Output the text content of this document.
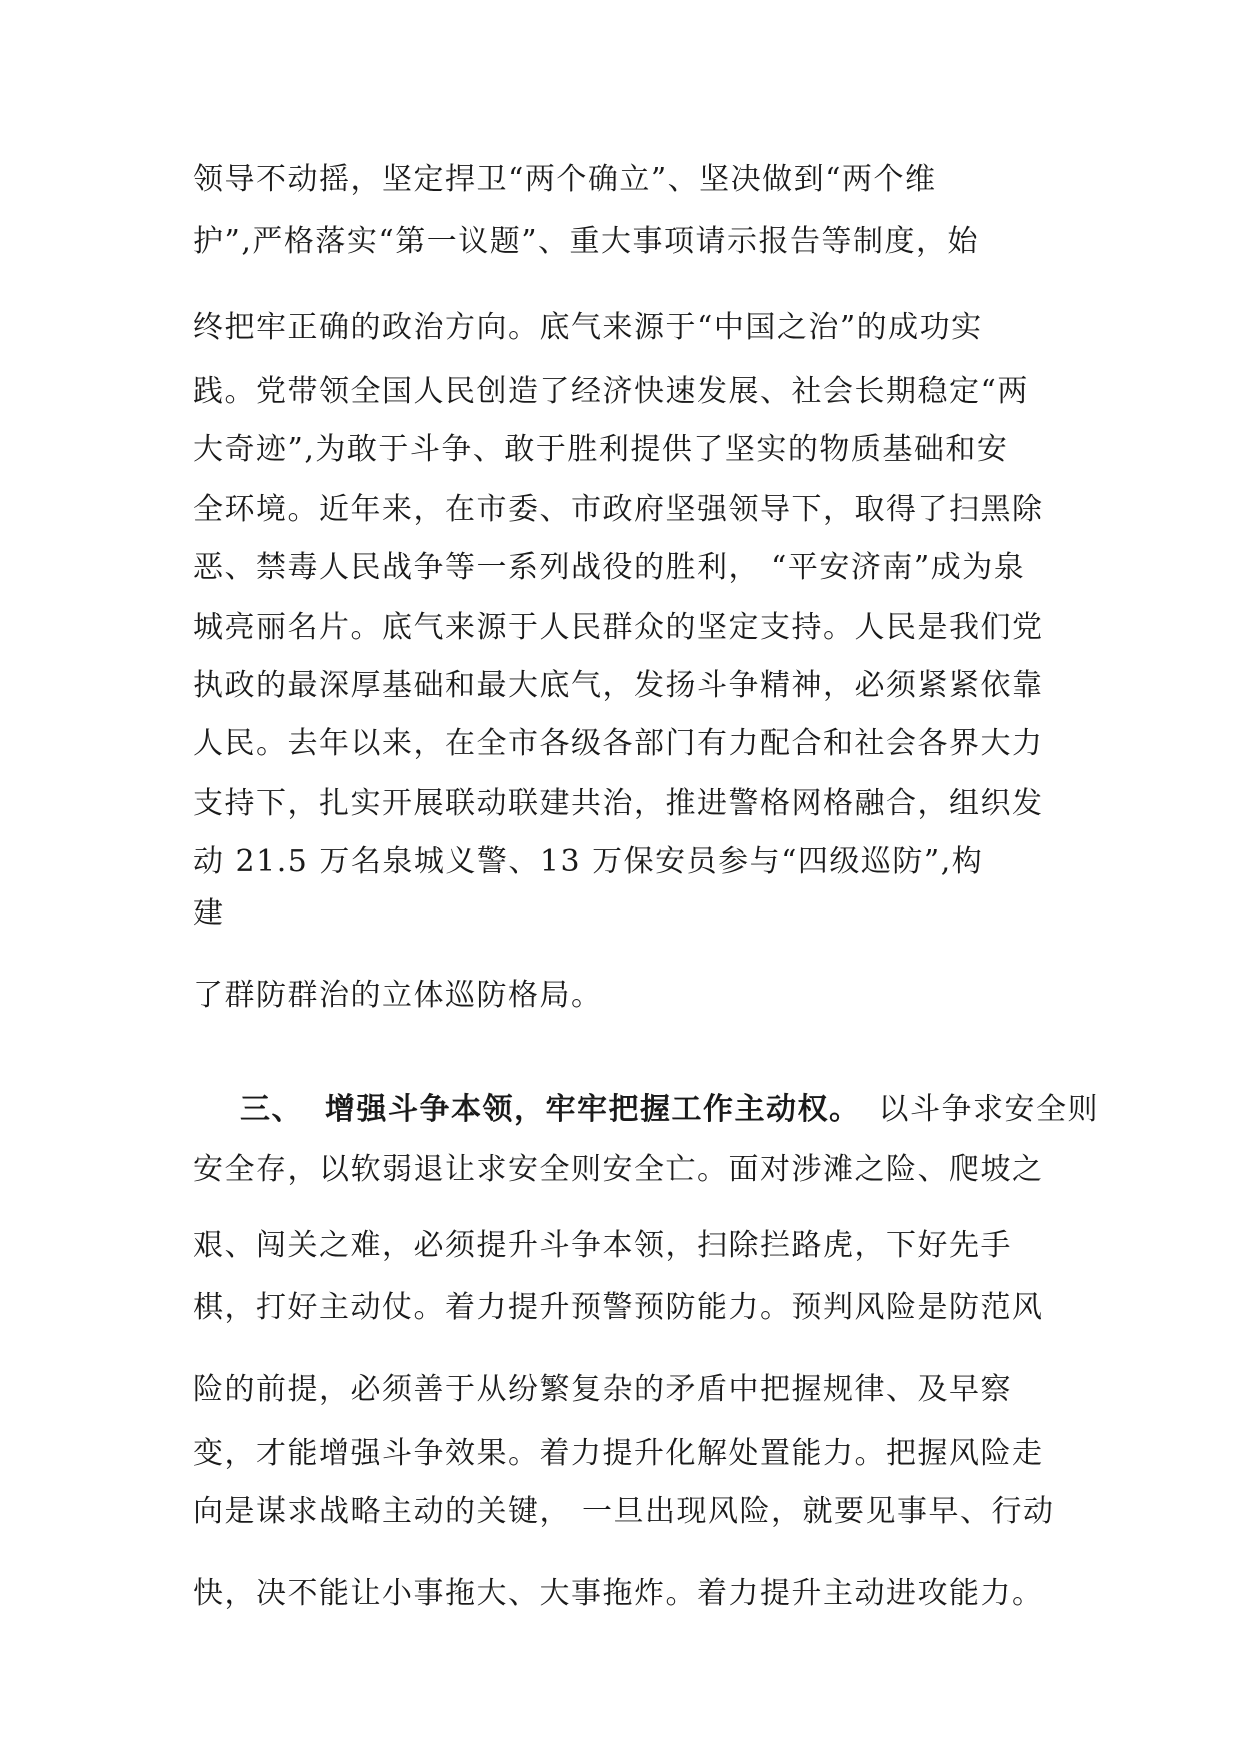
领导不动摇，坚定捍卫“两个确立”、坚决做到“两个维
护”,严格落实“第一议题”、重大事项请示报告等制度，始
终把牢正确的政治方向。底气来源于“中国之治”的成功实
践。党带领全国人民创造了经济快速发展、社会长期稳定“两
大奇迹”,为敢于斗争、敢于胜利提供了坚实的物质基础和安
全环境。近年来，在市委、市政府坚强领导下，取得了扫黑除
恶、禁毒人民战争等一系列战役的胜利， “平安济南”成为泉
城亮丽名片。底气来源于人民群众的坚定支持。人民是我们党
执政的最深厚基础和最大底气，发扬斗争精神，必须紧紧依靠
人民。去年以来，在全市各级各部门有力配合和社会各界大力
支持下，扎实开展联动联建共治，推进警格网格融合，组织发
动 21.5 万名泉城义警、13 万保安员参与“四级巡防”,构
建
了群防群治的立体巡防格局。
三、 增强斗争本领，牢牢把握工作主动权。 以斗争求安全则
安全存，以软弱退让求安全则安全亡。面对涉滩之险、爬坡之
艰、闯关之难，必须提升斗争本领，扫除拦路虎，下好先手
棋，打好主动仗。着力提升预警预防能力。预判风险是防范风
险的前提，必须善于从纷繁复杂的矛盾中把握规律、及早察
变，才能增强斗争效果。着力提升化解处置能力。把握风险走
向是谋求战略主动的关键， 一旦出现风险，就要见事早、行动
快，决不能让小事拖大、大事拖炸。着力提升主动进攻能力。
